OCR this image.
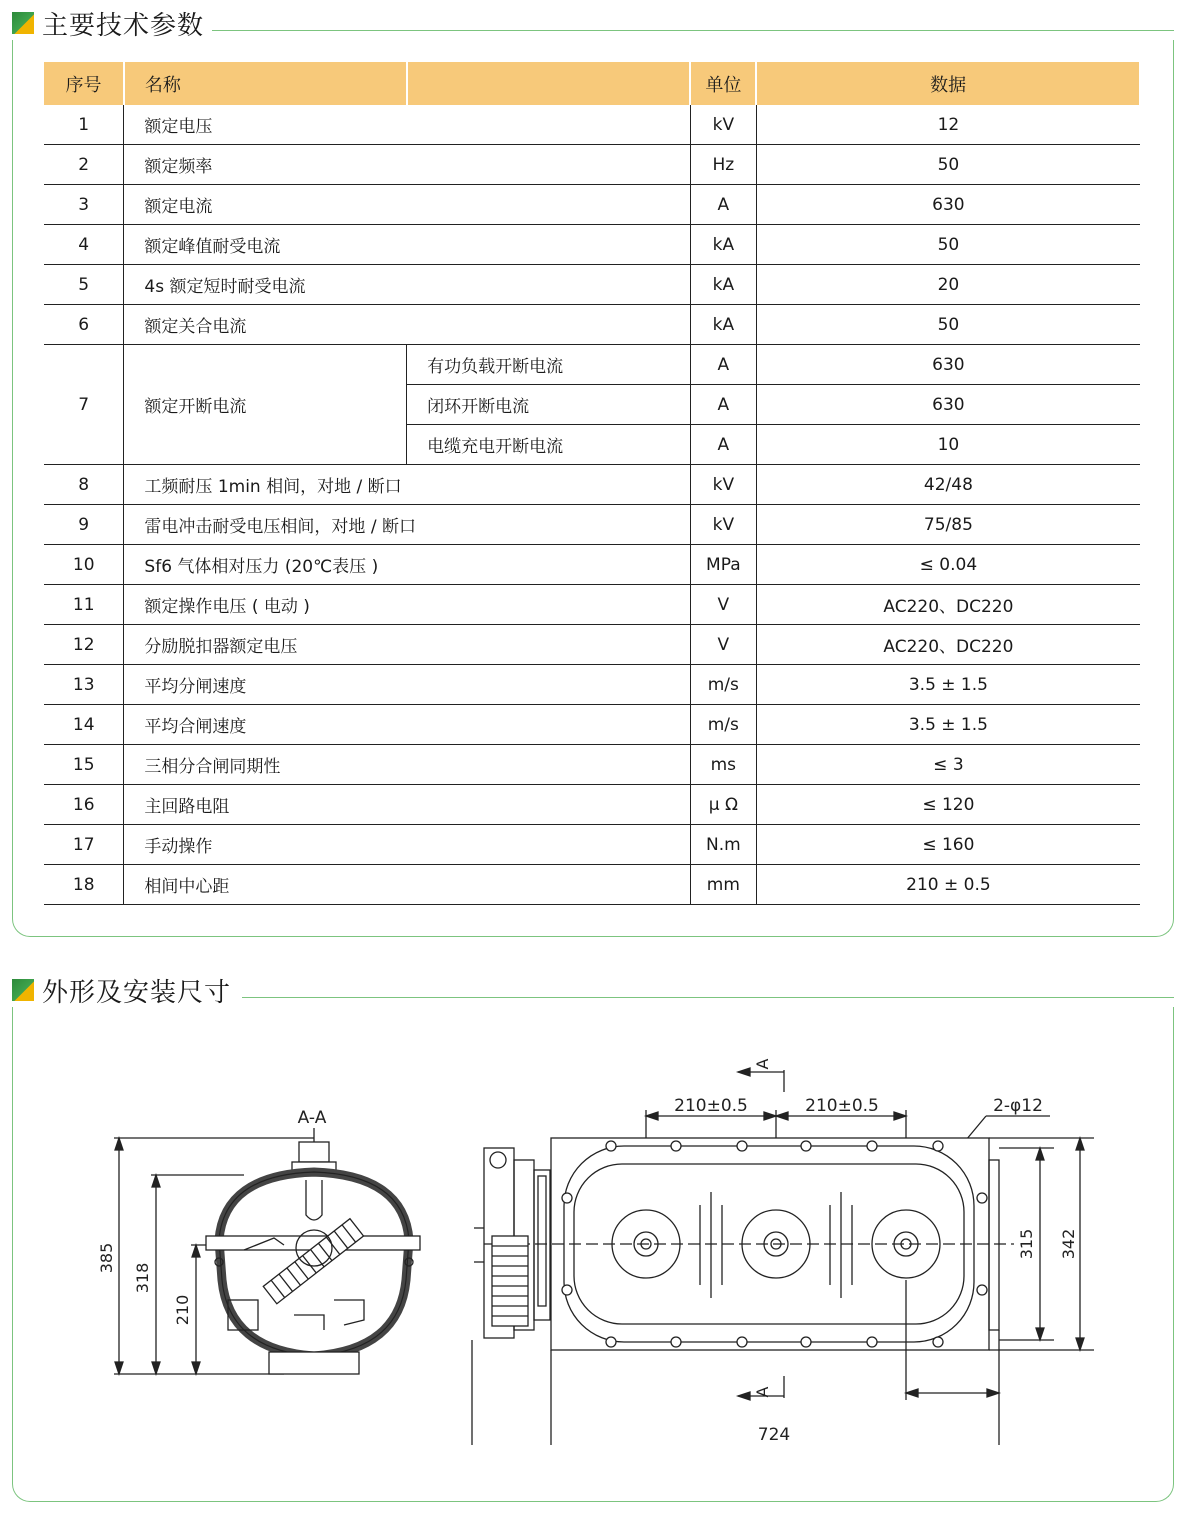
主要技术参数
序号	名称		单位	数据
1	额定电压		kV	12
2	额定频率		Hz	50
3	额定电流		A	630
4	额定峰值耐受电流		kA	50
5	4s 额定短时耐受电流		kA	20
6	额定关合电流		kA	50
7	额定开断电流	有功负载开断电流	A	630
		闭环开断电流	A	630
		电缆充电开断电流	A	10
8	工频耐压 1min 相间，对地 / 断口		kV	42/48
9	雷电冲击耐受电压相间，对地 / 断口		kV	75/85
10	Sf6 气体相对压力 (20℃表压 )		MPa	≤ 0.04
11	额定操作电压 ( 电动 )		V	AC220、DC220
12	分励脱扣器额定电压		V	AC220、DC220
13	平均分闸速度		m/s	3.5 ± 1.5
14	平均合闸速度		m/s	3.5 ± 1.5
15	三相分合闸同期性		ms	≤ 3
16	主回路电阻		μ Ω	≤ 120
17	手动操作		N.m	≤ 160
18	相间中心距		mm	210 ± 0.5
外形及安装尺寸
A-A
385
318
210
A
A
210±0.5	210±0.5	2-φ12
315 342
724
